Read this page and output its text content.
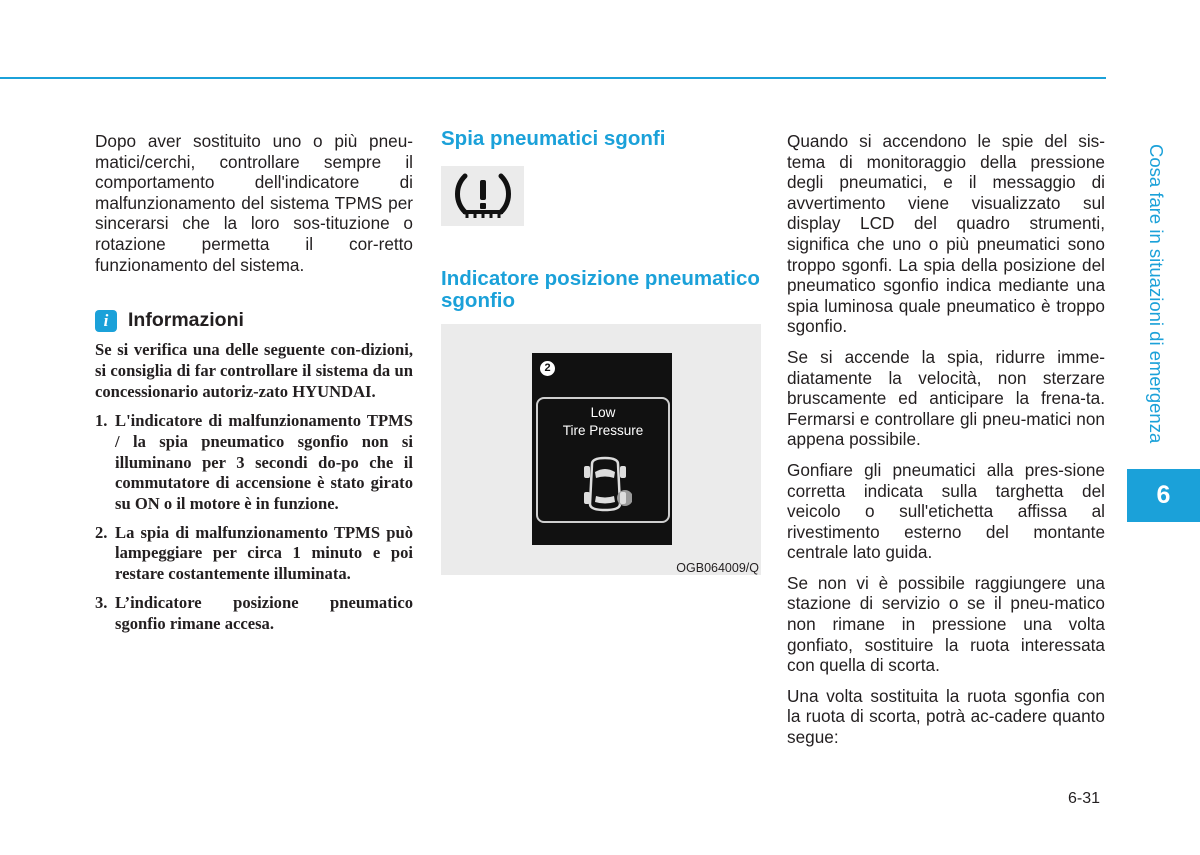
Dopo aver sostituito uno o più pneu-matici/cerchi, controllare sempre il comportamento dell'indicatore di malfunzionamento del sistema TPMS per sincerarsi che la loro sos-tituzione o rotazione permetta il cor-retto funzionamento del sistema.

i	Informazioni

Se si verifica una delle seguente con-dizioni, si consiglia di far controllare il sistema da un concessionario autoriz-zato HYUNDAI.

1. L'indicatore di malfunzionamento TPMS / la spia pneumatico sgonfio non si illuminano per 3 secondi do-po che il commutatore di accensione è stato girato su ON o il motore è in funzione.
2. La spia di malfunzionamento TPMS può lampeggiare per circa 1 minuto e poi restare costantemente illuminata.
3. L’indicatore posizione pneumatico sgonfio rimane accesa.
Spia pneumatici sgonfi
Indicatore posizione pneumatico sgonfio
2
Low
Tire Pressure
OGB064009/Q

Quando si accendono le spie del sis-tema di monitoraggio della pressione degli pneumatici, e il messaggio di avvertimento viene visualizzato sul display LCD del quadro strumenti, significa che uno o più pneumatici sono troppo sgonfi. La spia della posizione del pneumatico sgonfio indica mediante una spia luminosa quale pneumatico è troppo sgonfio.

Se si accende la spia, ridurre imme-diatamente la velocità, non sterzare bruscamente ed anticipare la frena-ta. Fermarsi e controllare gli pneu-matici non appena possibile.

Gonfiare gli pneumatici alla pres-sione corretta indicata sulla targhetta del veicolo o sull'etichetta affissa al rivestimento esterno del montante centrale lato guida.

Se non vi è possibile raggiungere una stazione di servizio o se il pneu-matico non rimane in pressione una volta gonfiato, sostituire la ruota interessata con quella di scorta.

Una volta sostituita la ruota sgonfia con la ruota di scorta, potrà ac-cadere quanto segue:

Cosa fare in situazioni di emergenza
6
6-31
